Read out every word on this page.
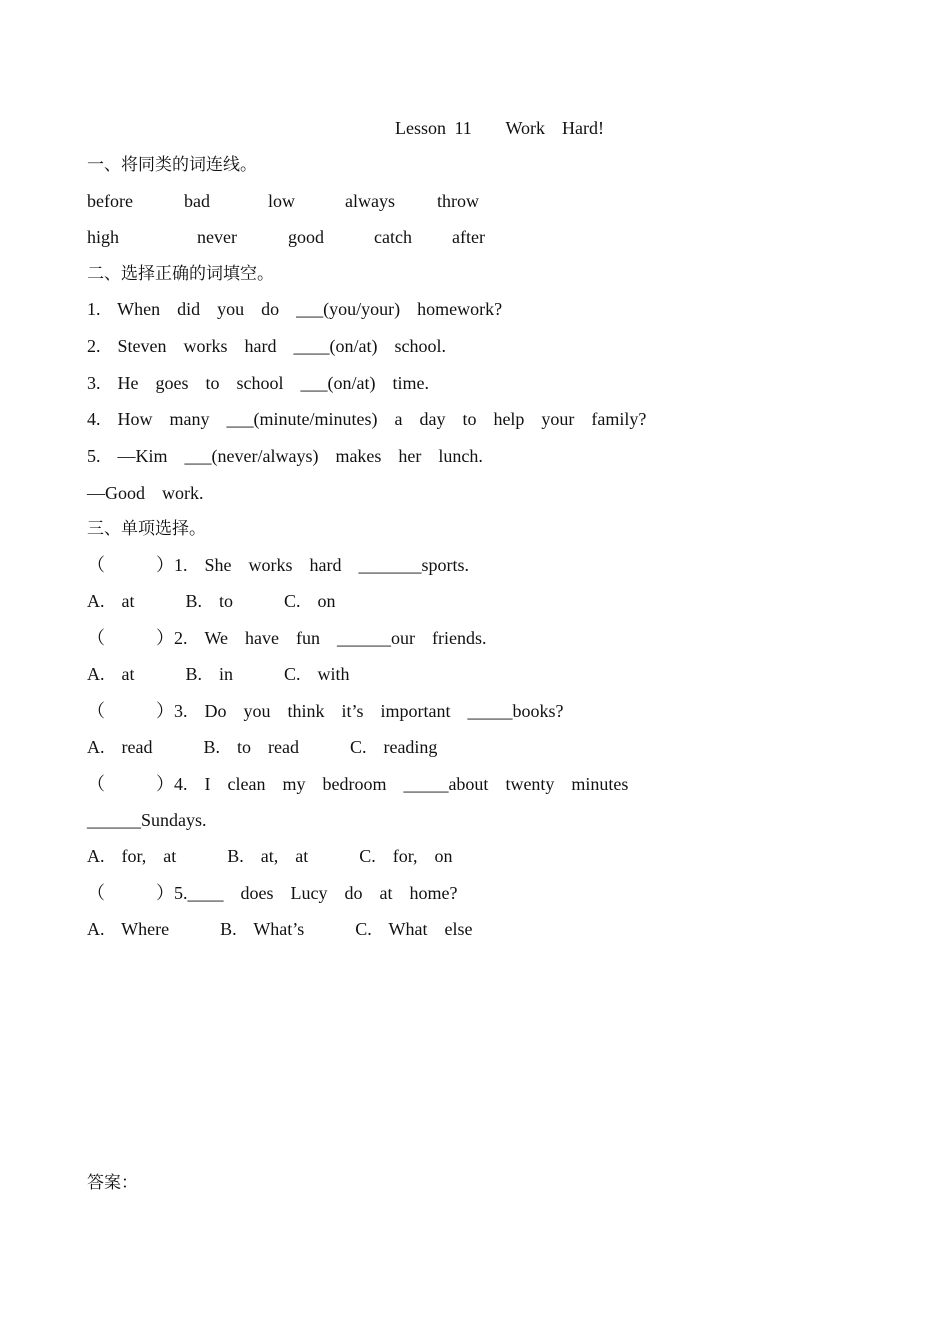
Lesson 11    Work  Hard!
一、将同类的词连线。
before	bad	low	always throw
high	never	good	catch after
二、选择正确的词填空。
1.  When  did  you  do  ___(you/your)  homework?
2.  Steven  works  hard  ____(on/at)  school.
3.  He  goes  to  school  ___(on/at)  time.
4.  How  many  ___(minute/minutes)  a  day  to  help  your  family?
5.  —Kim  ___(never/always)  makes  her  lunch.
—Good  work.
三、单项选择。
（      ）1.  She  works  hard  _______sports.
A.  at      B.  to      C.  on
（      ）2.  We  have  fun  ______our  friends.
A.  at      B.  in      C.  with
（      ）3.  Do  you  think  it’s  important  _____books?
A.  read      B.  to  read      C.  reading
（      ）4.  I  clean  my  bedroom  _____about  twenty  minutes
______Sundays.
A.  for,  at      B.  at,  at      C.  for,  on
（      ）5.____  does  Lucy  do  at  home?
A.  Where      B.  What’s      C.  What  else
答案：
